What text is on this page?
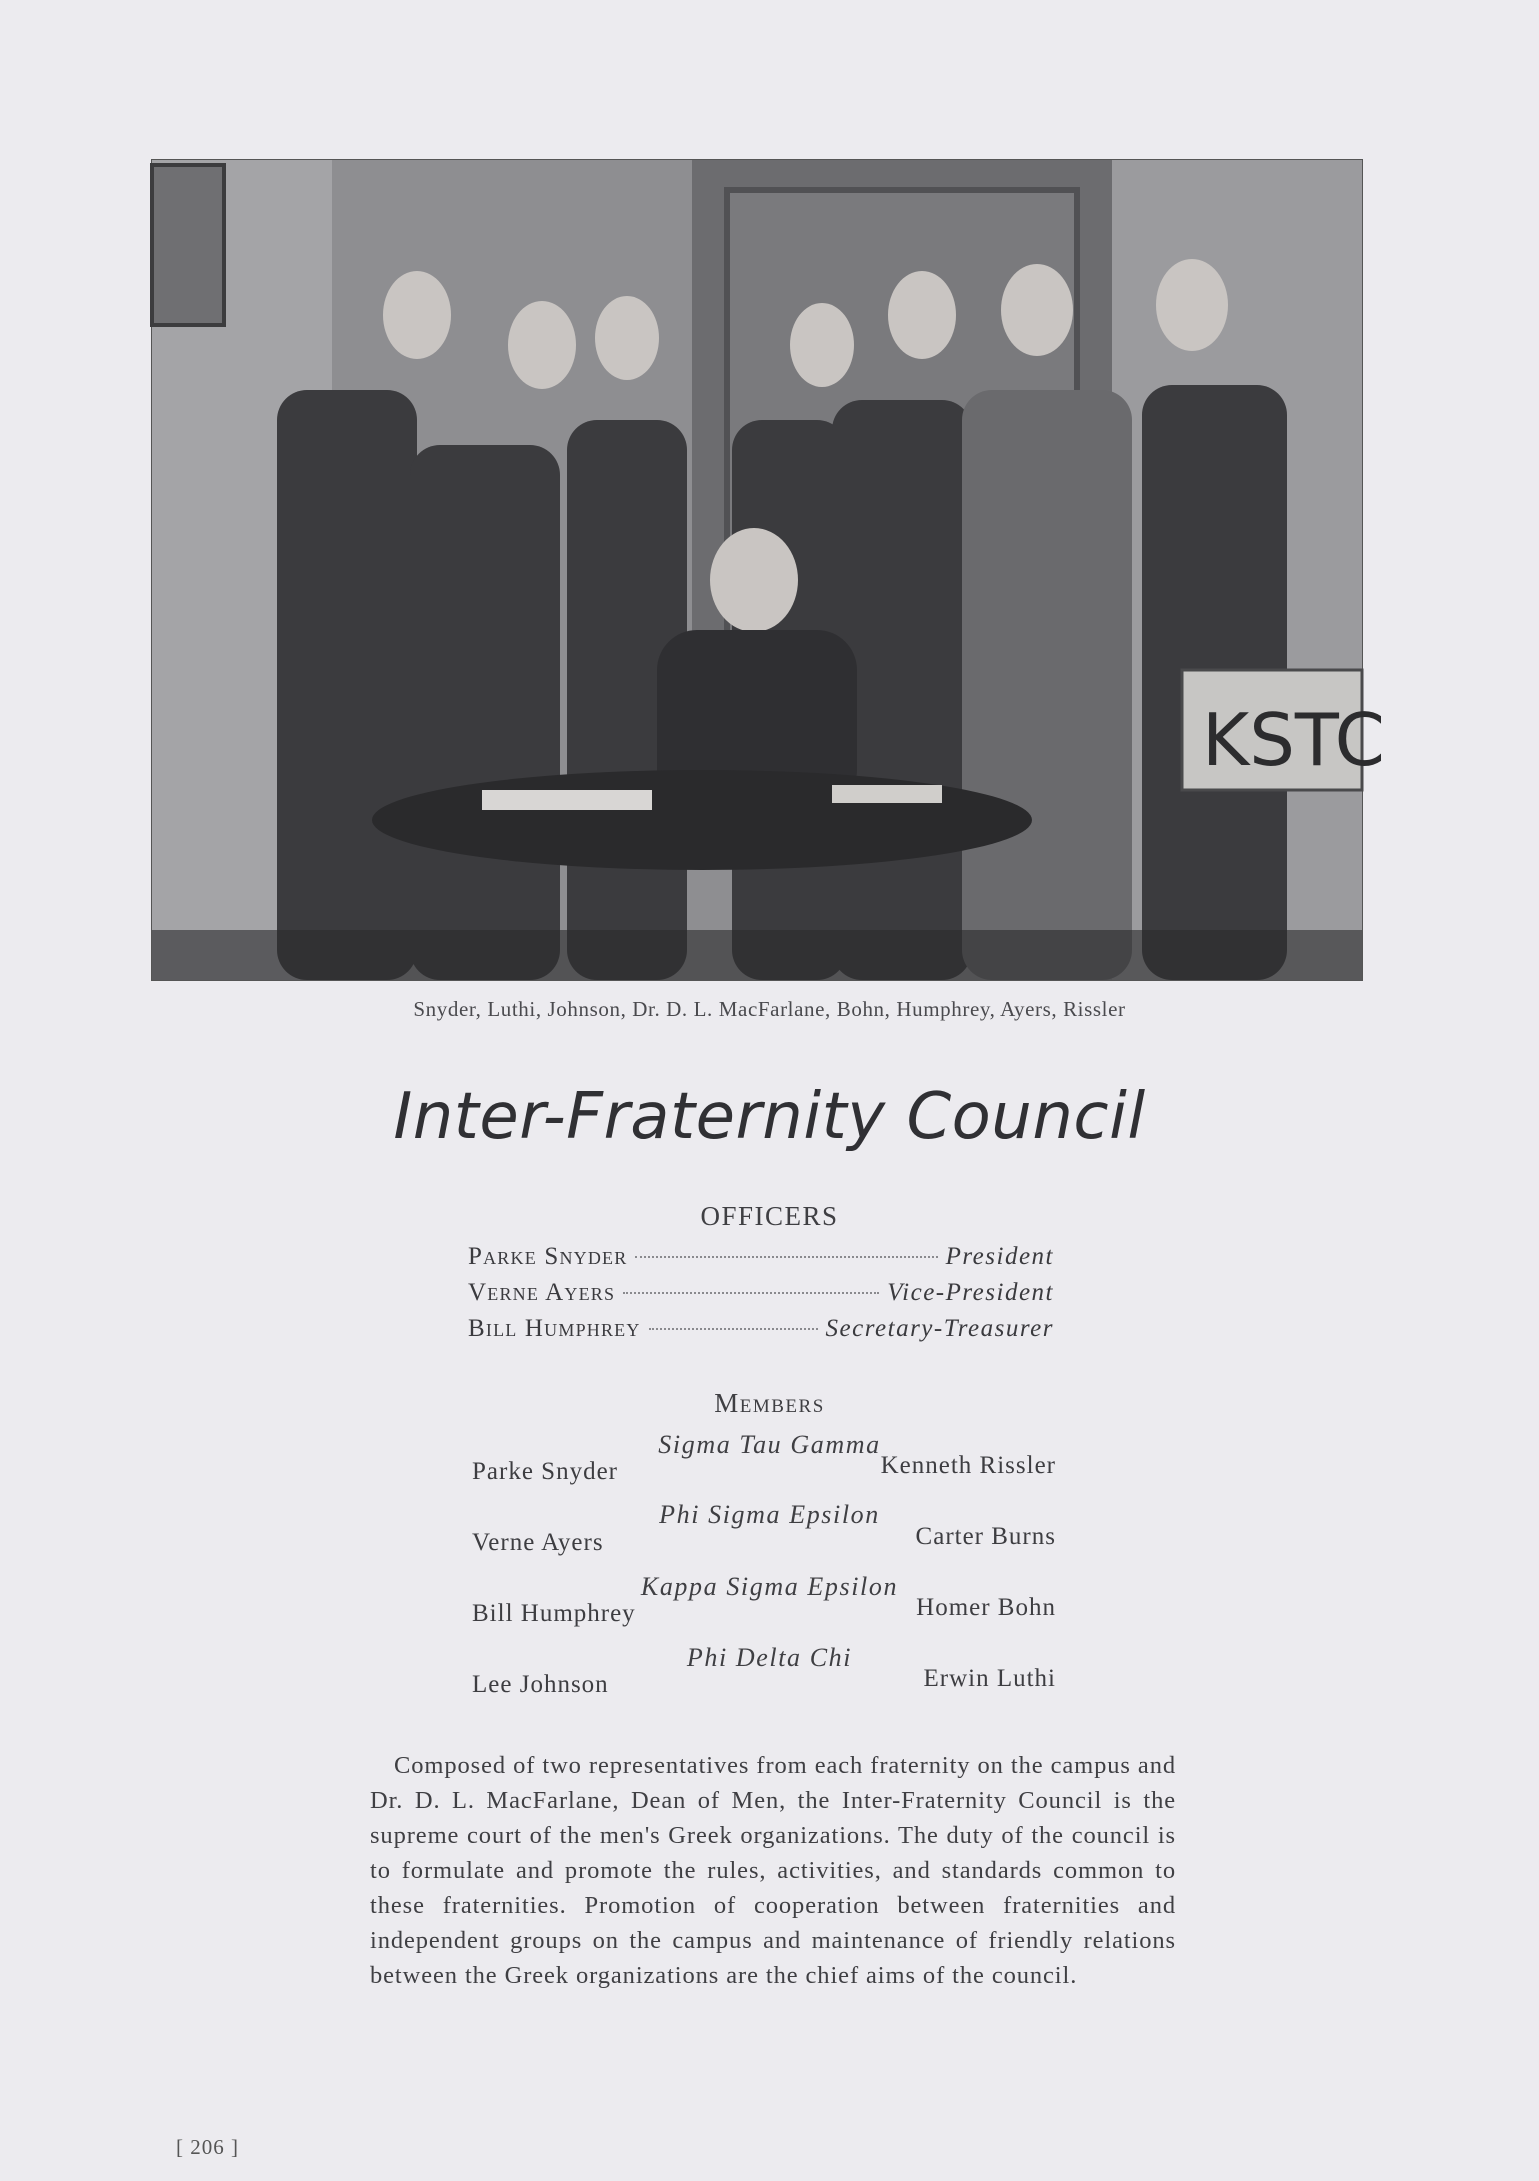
KSTC
Snyder, Luthi, Johnson, Dr. D. L. MacFarlane, Bohn, Humphrey, Ayers, Rissler
Inter-Fraternity Council
OFFICERS
Parke Snyder	President
Verne Ayers	Vice-President
Bill Humphrey	Secretary-Treasurer
Members
Sigma Tau Gamma
Parke Snyder	Kenneth Rissler
Phi Sigma Epsilon
Verne Ayers	Carter Burns
Kappa Sigma Epsilon
Bill Humphrey	Homer Bohn
Phi Delta Chi
Lee Johnson	Erwin Luthi
Composed of two representatives from each fraternity on the campus and Dr. D. L. MacFarlane, Dean of Men, the Inter-Fraternity Council is the supreme court of the men's Greek organizations. The duty of the council is to formulate and promote the rules, activities, and standards common to these fraternities. Promotion of cooperation between fraternities and independent groups on the campus and maintenance of friendly relations between the Greek organizations are the chief aims of the council.
[ 206 ]
